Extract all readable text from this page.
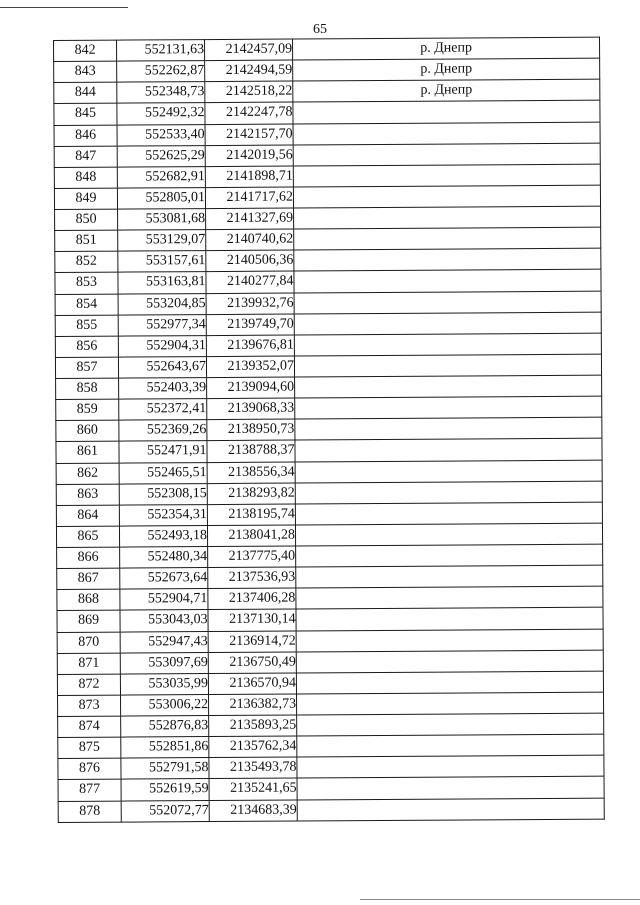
65
842	552131,63	2142457,09	р. Днепр
843	552262,87	2142494,59	р. Днепр
844	552348,73	2142518,22	р. Днепр
845	552492,32	2142247,78	
846	552533,40	2142157,70	
847	552625,29	2142019,56	
848	552682,91	2141898,71	
849	552805,01	2141717,62	
850	553081,68	2141327,69	
851	553129,07	2140740,62	
852	553157,61	2140506,36	
853	553163,81	2140277,84	
854	553204,85	2139932,76	
855	552977,34	2139749,70	
856	552904,31	2139676,81	
857	552643,67	2139352,07	
858	552403,39	2139094,60	
859	552372,41	2139068,33	
860	552369,26	2138950,73	
861	552471,91	2138788,37	
862	552465,51	2138556,34	
863	552308,15	2138293,82	
864	552354,31	2138195,74	
865	552493,18	2138041,28	
866	552480,34	2137775,40	
867	552673,64	2137536,93	
868	552904,71	2137406,28	
869	553043,03	2137130,14	
870	552947,43	2136914,72	
871	553097,69	2136750,49	
872	553035,99	2136570,94	
873	553006,22	2136382,73	
874	552876,83	2135893,25	
875	552851,86	2135762,34	
876	552791,58	2135493,78	
877	552619,59	2135241,65	
878	552072,77	2134683,39	
